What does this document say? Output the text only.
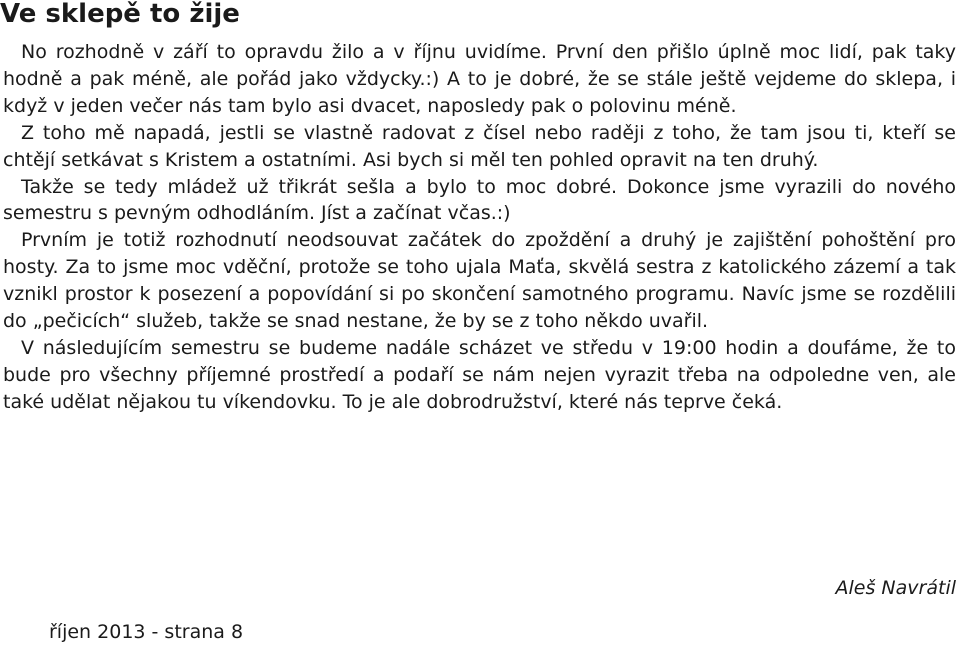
Ve sklepě to žije

No rozhodně v září to opravdu žilo a v říjnu uvidíme. První den přišlo úplně moc lidí, pak taky hodně a pak méně, ale pořád jako vždycky.:) A to je dobré, že se stále ještě vejdeme do sklepa, i když v jeden večer nás tam bylo asi dvacet, naposledy pak o polovinu méně.

Z toho mě napadá, jestli se vlastně radovat z čísel nebo raději z toho, že tam jsou ti, kteří se chtějí setkávat s Kristem a ostatními. Asi bych si měl ten pohled opravit na ten druhý.

Takže se tedy mládež už třikrát sešla a bylo to moc dobré. Dokonce jsme vyrazili do nového semestru s pevným odhodláním. Jíst a začínat včas.:)

Prvním je totiž rozhodnutí neodsouvat začátek do zpoždění a druhý je zajištění pohoštění pro hosty. Za to jsme moc vděční, protože se toho ujala Maťa, skvělá sestra z katolického zázemí a tak vznikl prostor k posezení a popovídání si po skončení samotného programu. Navíc jsme se rozdělili do „pečicích“ služeb, takže se snad nestane, že by se z toho někdo uvařil.

V následujícím semestru se budeme nadále scházet ve středu v 19:00 hodin a doufáme, že to bude pro všechny příjemné prostředí a podaří se nám nejen vyrazit třeba na odpoledne ven, ale také udělat nějakou tu víkendovku. To je ale dobrodružství, které nás teprve čeká.

Aleš Navrátil
říjen 2013 - strana 8
